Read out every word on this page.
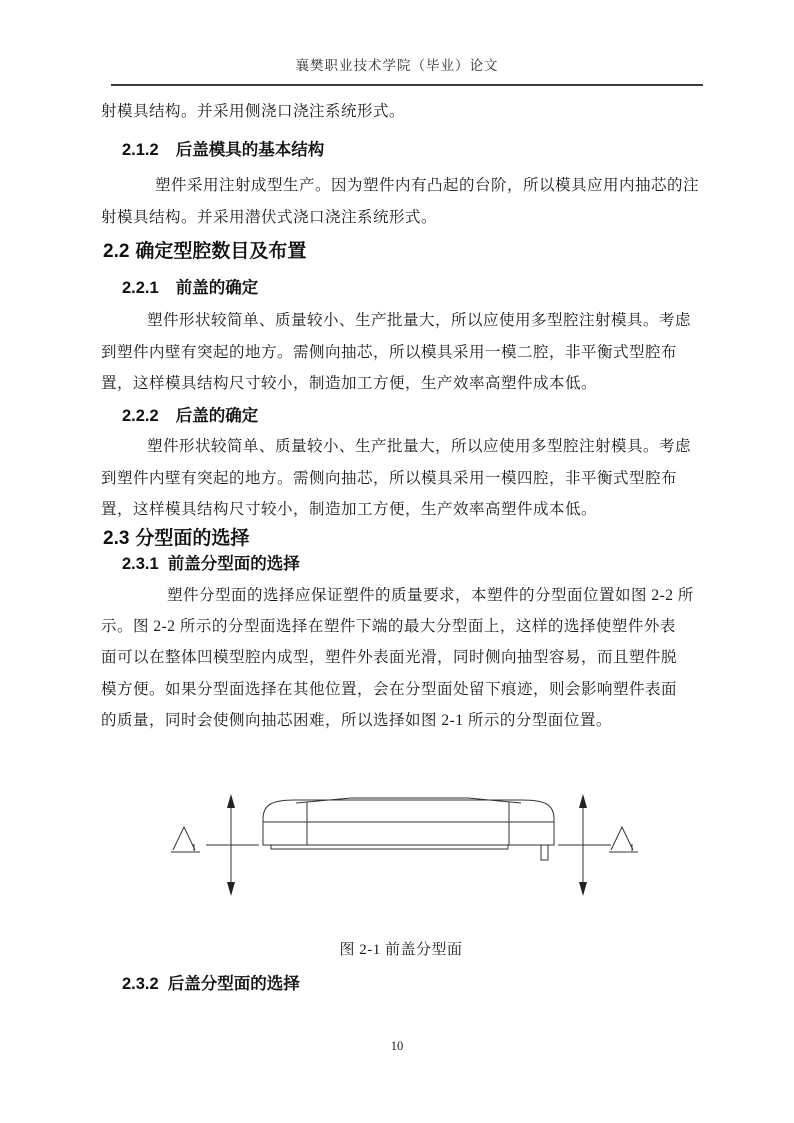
襄樊职业技术学院（毕业）论文

射模具结构。并采用侧浇口浇注系统形式。

2.1.2 后盖模具的基本结构

塑件采用注射成型生产。因为塑件内有凸起的台阶，所以模具应用内抽芯的注
射模具结构。并采用潜伏式浇口浇注系统形式。

2.2 确定型腔数目及布置
2.2.1 前盖的确定

塑件形状较简单、质量较小、生产批量大，所以应使用多型腔注射模具。考虑
到塑件内壁有突起的地方。需侧向抽芯，所以模具采用一模二腔，非平衡式型腔布
置，这样模具结构尺寸较小，制造加工方便，生产效率高塑件成本低。

2.2.2 后盖的确定

塑件形状较简单、质量较小、生产批量大，所以应使用多型腔注射模具。考虑
到塑件内壁有突起的地方。需侧向抽芯，所以模具采用一模四腔，非平衡式型腔布
置，这样模具结构尺寸较小，制造加工方便，生产效率高塑件成本低。

2.3 分型面的选择
2.3.1 前盖分型面的选择

塑件分型面的选择应保证塑件的质量要求，本塑件的分型面位置如图 2-2 所
示。图 2-2 所示的分型面选择在塑件下端的最大分型面上，这样的选择使塑件外表
面可以在整体凹模型腔内成型，塑件外表面光滑，同时侧向抽型容易，而且塑件脱
模方便。如果分型面选择在其他位置，会在分型面处留下痕迹，则会影响塑件表面
的质量，同时会使侧向抽芯困难，所以选择如图 2-1 所示的分型面位置。

图 2-1 前盖分型面
2.3.2 后盖分型面的选择
10
